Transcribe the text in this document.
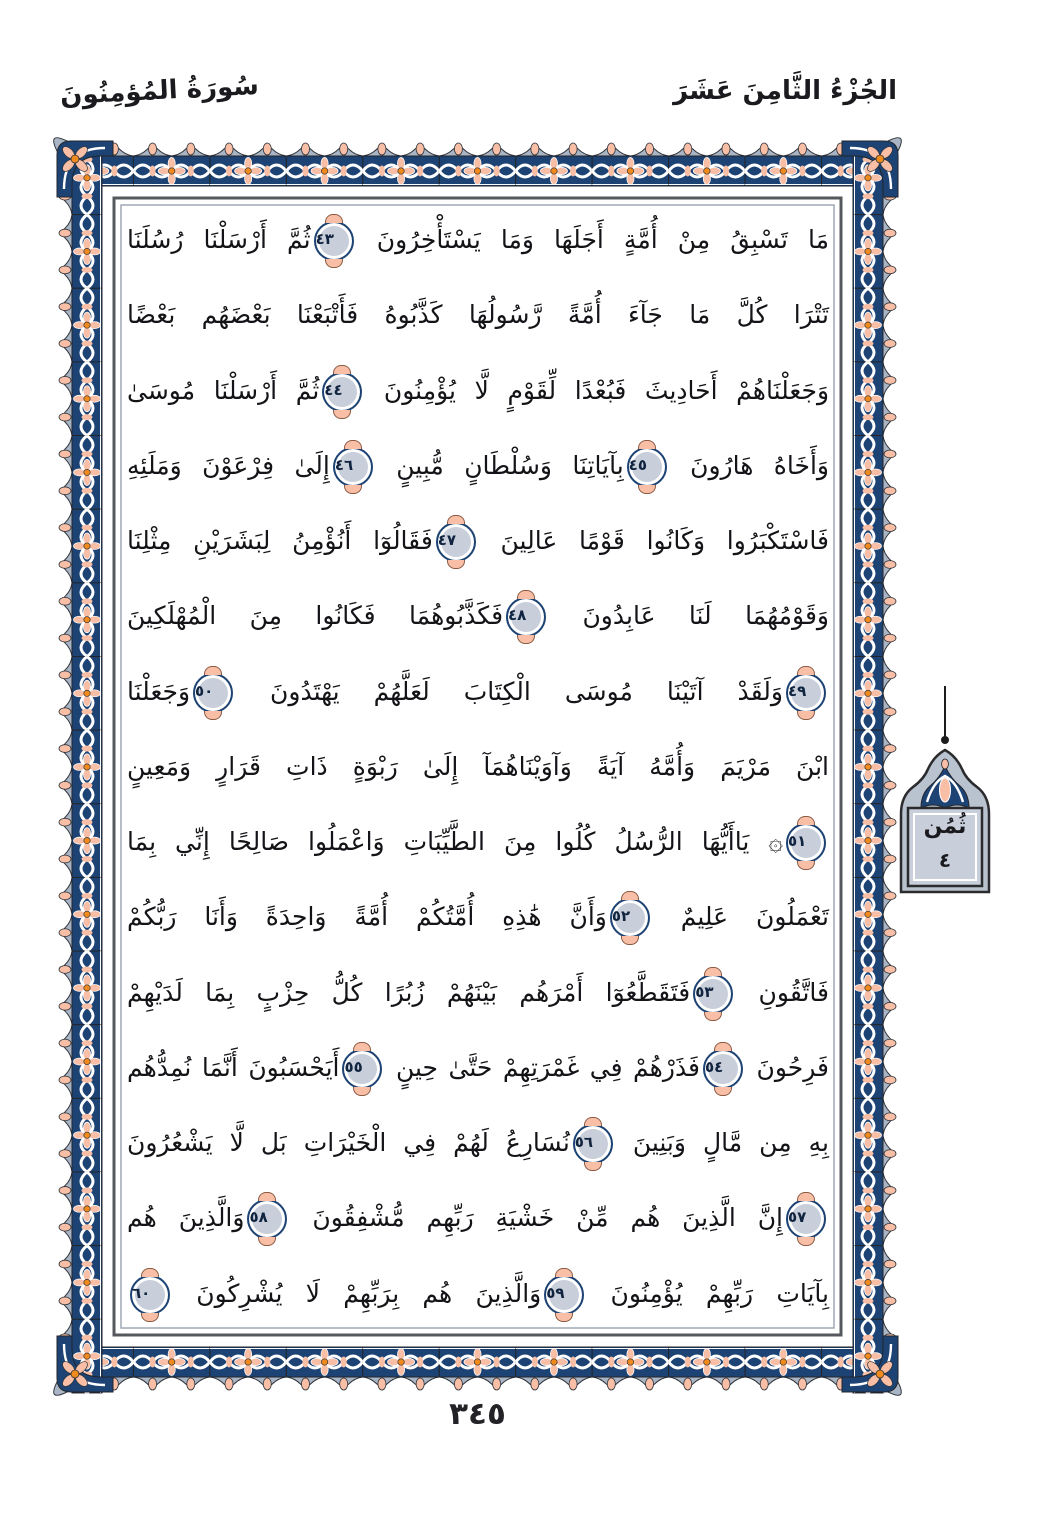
الجُزْءُ الثَّامِنَ عَشَرَ
سُورَةُ المُؤمِنُونَ
مَا تَسْبِقُ مِنْ أُمَّةٍ أَجَلَهَا وَمَا يَسْتَأْخِرُونَ
٤٣
ثُمَّ أَرْسَلْنَا رُسُلَنَا
تَتْرَا كُلَّ مَا جَآءَ أُمَّةً رَّسُولُهَا كَذَّبُوهُ فَأَتْبَعْنَا بَعْضَهُم بَعْضًا
وَجَعَلْنَاهُمْ أَحَادِيثَ فَبُعْدًا لِّقَوْمٍ لَّا يُؤْمِنُونَ
٤٤
ثُمَّ أَرْسَلْنَا مُوسَىٰ
وَأَخَاهُ هَارُونَ
٤٥
بِآيَاتِنَا وَسُلْطَانٍ مُّبِينٍ
٤٦
إِلَىٰ فِرْعَوْنَ وَمَلَئِهِ
فَاسْتَكْبَرُوا وَكَانُوا قَوْمًا عَالِينَ
٤٧
فَقَالُوٓا أَنُؤْمِنُ لِبَشَرَيْنِ مِثْلِنَا
وَقَوْمُهُمَا لَنَا عَابِدُونَ
٤٨
فَكَذَّبُوهُمَا فَكَانُوا مِنَ الْمُهْلَكِينَ
٤٩
وَلَقَدْ آتَيْنَا مُوسَى الْكِتَابَ لَعَلَّهُمْ يَهْتَدُونَ
٥٠
وَجَعَلْنَا
ابْنَ مَرْيَمَ وَأُمَّهُ آيَةً وَآوَيْنَاهُمَآ إِلَىٰ رَبْوَةٍ ذَاتِ قَرَارٍ وَمَعِينٍ
٥١
۞ يَاأَيُّهَا الرُّسُلُ كُلُوا مِنَ الطَّيِّبَاتِ وَاعْمَلُوا صَالِحًا إِنِّي بِمَا
تَعْمَلُونَ عَلِيمٌ
٥٢
وَأَنَّ هَٰذِهِ أُمَّتُكُمْ أُمَّةً وَاحِدَةً وَأَنَا رَبُّكُمْ
فَاتَّقُونِ
٥٣
فَتَقَطَّعُوٓا أَمْرَهُم بَيْنَهُمْ زُبُرًا كُلُّ حِزْبٍ بِمَا لَدَيْهِمْ
فَرِحُونَ
٥٤
فَذَرْهُمْ فِي غَمْرَتِهِمْ حَتَّىٰ حِينٍ
٥٥
أَيَحْسَبُونَ أَنَّمَا نُمِدُّهُم
بِهِ مِن مَّالٍ وَبَنِينَ
٥٦
نُسَارِعُ لَهُمْ فِي الْخَيْرَاتِ بَل لَّا يَشْعُرُونَ
٥٧
إِنَّ الَّذِينَ هُم مِّنْ خَشْيَةِ رَبِّهِم مُّشْفِقُونَ
٥٨
وَالَّذِينَ هُم
بِآيَاتِ رَبِّهِمْ يُؤْمِنُونَ
٥٩
وَالَّذِينَ هُم بِرَبِّهِمْ لَا يُشْرِكُونَ
٦٠
ثُمُن
٤
٣٤٥
